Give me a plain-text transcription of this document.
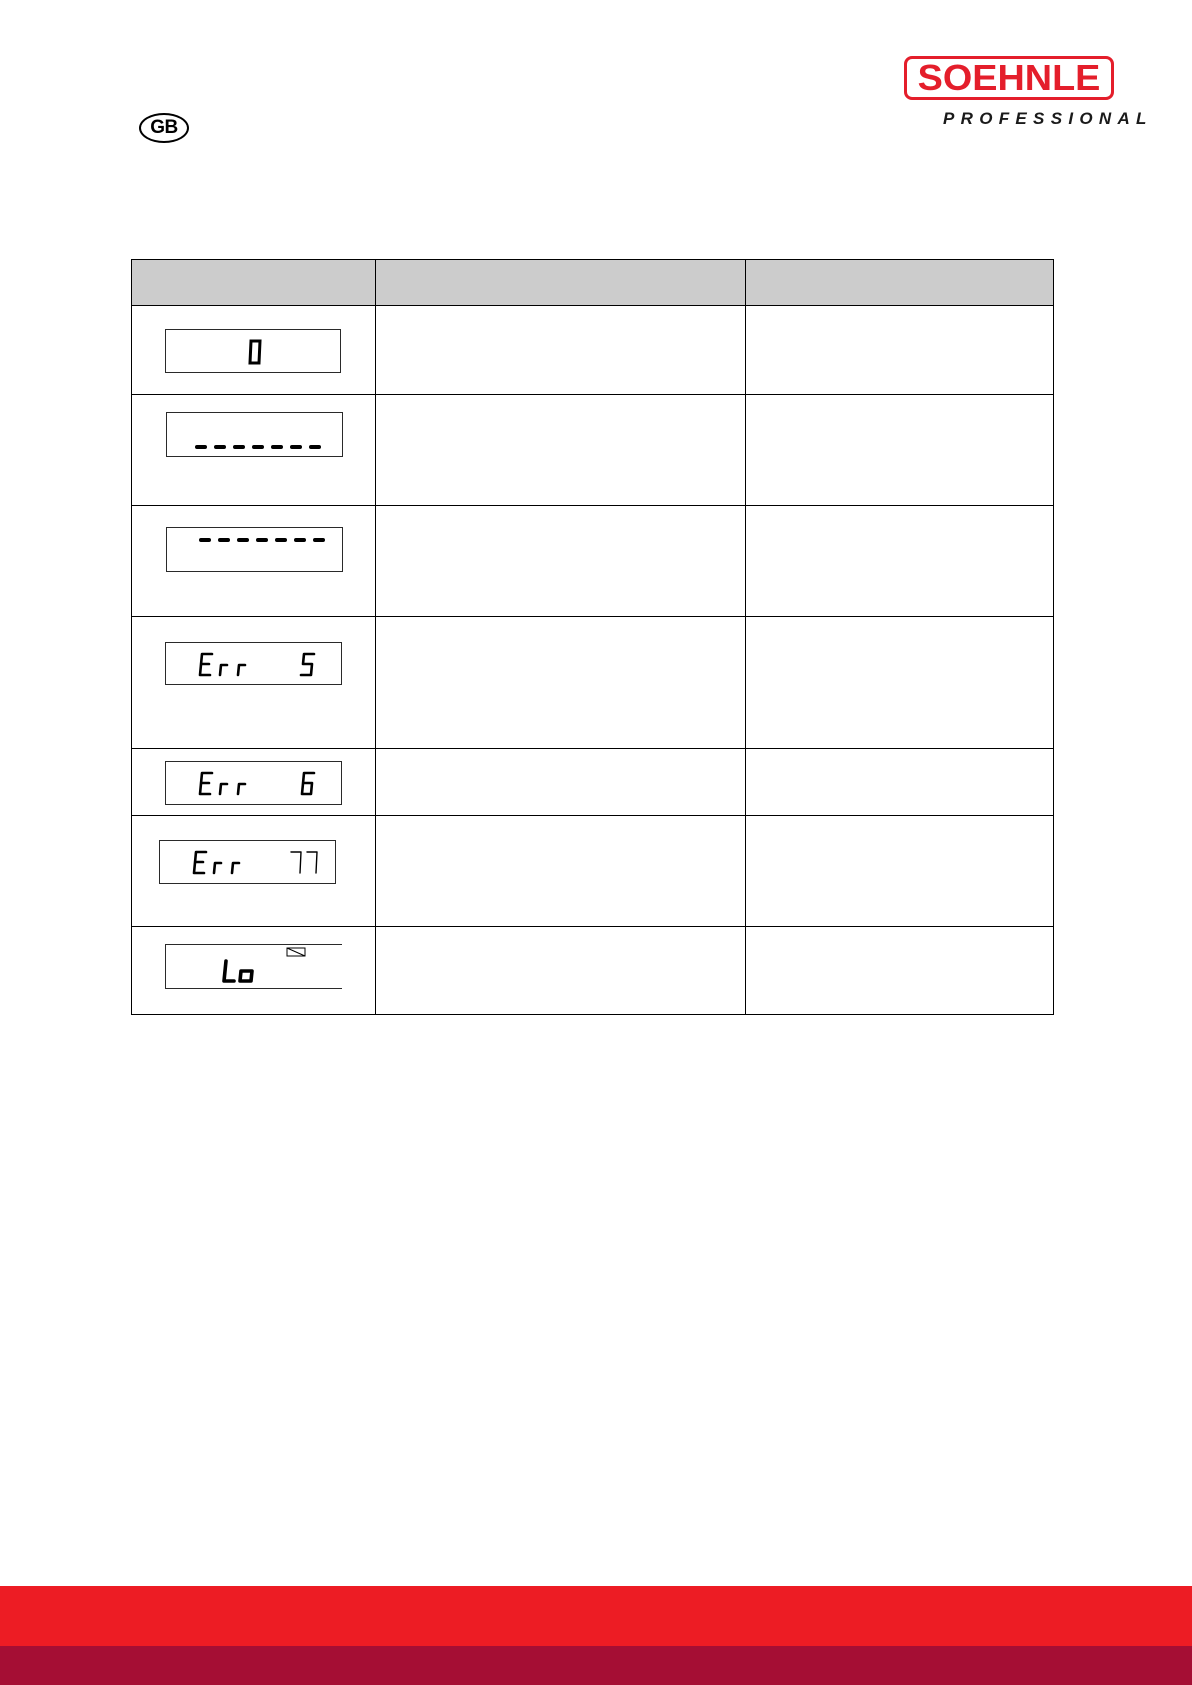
GB
SOEHNLE
PROFESSIONAL
